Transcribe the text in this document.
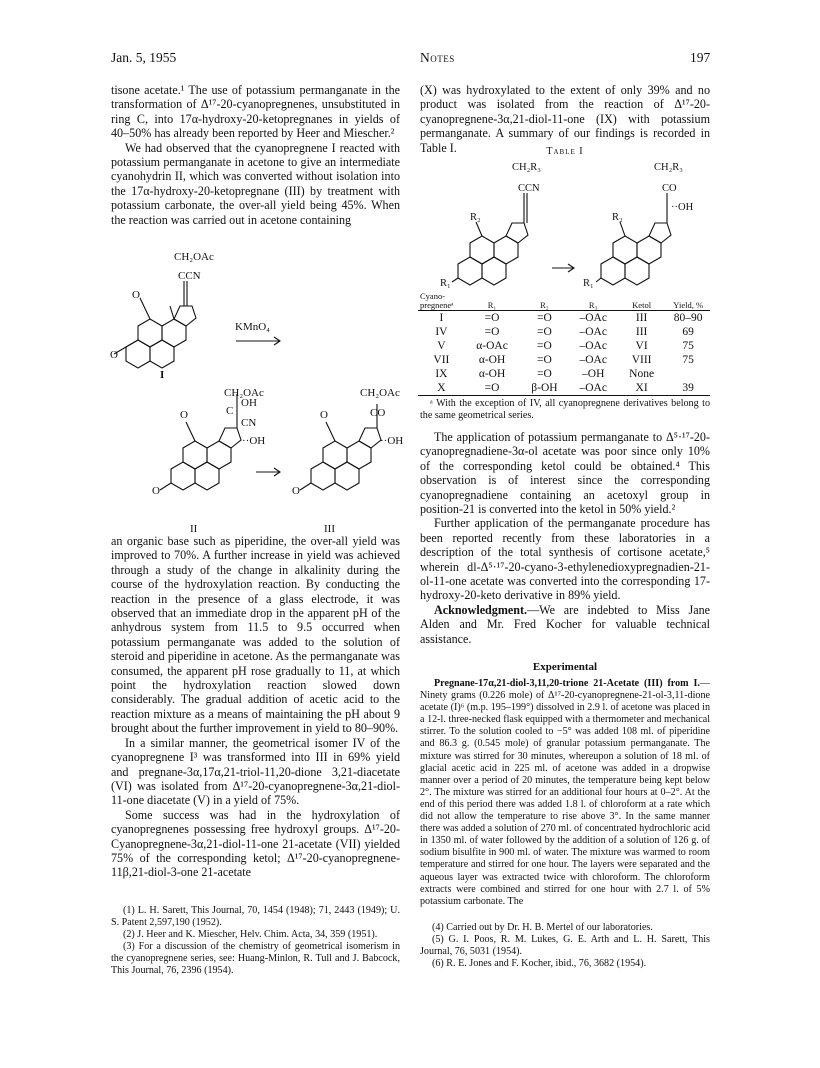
Jan. 5, 1955	Notes	197

tisone acetate.¹ The use of potassium permanganate in the transformation of Δ¹⁷-20-cyanopregnenes, unsubstituted in ring C, into 17α-hydroxy-20-ketopregnanes in yields of 40–50% has already been reported by Heer and Miescher.²

We had observed that the cyanopregnene I reacted with potassium permanganate in acetone to give an intermediate cyanohydrin II, which was converted without isolation into the 17α-hydroxy-20-ketopregnane (III) by treatment with potassium carbonate, the over-all yield being 45%. When the reaction was carried out in acetone containing

CH₂OAc
CCN
O
O
KMnO₄
I
CH₂OAc
OH
C
CN
··OH
O
O
II
CH₂OAc
CO
··OH
O
O
III

an organic base such as piperidine, the over-all yield was improved to 70%. A further increase in yield was achieved through a study of the change in alkalinity during the course of the hydroxylation reaction. By conducting the reaction in the presence of a glass electrode, it was observed that an immediate drop in the apparent pH of the anhydrous system from 11.5 to 9.5 occurred when potassium permanganate was added to the solution of steroid and piperidine in acetone. As the permanganate was consumed, the apparent pH rose gradually to 11, at which point the hydroxylation reaction slowed down considerably. The gradual addition of acetic acid to the reaction mixture as a means of maintaining the pH about 9 brought about the further improvement in yield to 80–90%.

In a similar manner, the geometrical isomer IV of the cyanopregnene I³ was transformed into III in 69% yield and pregnane-3α,17α,21-triol-11,20-dione 3,21-diacetate (VI) was isolated from Δ¹⁷-20-cyanopregnene-3α,21-diol-11-one diacetate (V) in a yield of 75%.

Some success was had in the hydroxylation of cyanopregnenes possessing free hydroxyl groups. Δ¹⁷-20-Cyanopregnene-3α,21-diol-11-one 21-acetate (VII) yielded 75% of the corresponding ketol; Δ¹⁷-20-cyanopregnene-11β,21-diol-3-one 21-acetate

(1) L. H. Sarett, This Journal, 70, 1454 (1948); 71, 2443 (1949); U. S. Patent 2,597,190 (1952).

(2) J. Heer and K. Miescher, Helv. Chim. Acta, 34, 359 (1951).

(3) For a discussion of the chemistry of geometrical isomerism in the cyanopregnene series, see: Huang-Minlon, R. Tull and J. Babcock, This Journal, 76, 2396 (1954).

(X) was hydroxylated to the extent of only 39% and no product was isolated from the reaction of Δ¹⁷-20-cyanopregnene-3α,21-diol-11-one (IX) with potassium permanganate. A summary of our findings is recorded in Table I.	Table I
CH₂R₃
CCN
CH₂R₃
CO
··OH
R₂	R₂
R₁	R₁
Cyano-pregneneᵃ	R₁	R₂	R₃	Ketol	Yield, %
I	=O	=O	–OAc	III	80–90
IV	=O	=O	–OAc	III	69
V	α-OAc	=O	–OAc	VI	75
VII	α-OH	=O	–OAc	VIII	75
IX	α-OH	=O	–OH	None	
X	=O	β-OH	–OAc	XI	39
ᵃ With the exception of IV, all cyanopregnene derivatives belong to the same geometrical series.

The application of potassium permanganate to Δ⁵·¹⁷-20-cyanopregnadiene-3α-ol acetate was poor since only 10% of the corresponding ketol could be obtained.⁴ This observation is of interest since the corresponding cyanopregnadiene containing an acetoxyl group in position-21 is converted into the ketol in 50% yield.²

Further application of the permanganate procedure has been reported recently from these laboratories in a description of the total synthesis of cortisone acetate,⁵ wherein dl-Δ⁵·¹⁷-20-cyano-3-ethylenedioxypregnadien-21-ol-11-one acetate was converted into the corresponding 17-hydroxy-20-keto derivative in 89% yield.

Acknowledgment.—We are indebted to Miss Jane Alden and Mr. Fred Kocher for valuable technical assistance.

Experimental

Pregnane-17α,21-diol-3,11,20-trione 21-Acetate (III) from I.—Ninety grams (0.226 mole) of Δ¹⁷-20-cyanopregnene-21-ol-3,11-dione acetate (I)⁶ (m.p. 195–199°) dissolved in 2.9 l. of acetone was placed in a 12-l. three-necked flask equipped with a thermometer and mechanical stirrer. To the solution cooled to −5° was added 108 ml. of piperidine and 86.3 g. (0.545 mole) of granular potassium permanganate. The mixture was stirred for 30 minutes, whereupon a solution of 18 ml. of glacial acetic acid in 225 ml. of acetone was added in a dropwise manner over a period of 20 minutes, the temperature being kept below 2°. The mixture was stirred for an additional four hours at 0–2°. At the end of this period there was added 1.8 l. of chloroform at a rate which did not allow the temperature to rise above 3°. In the same manner there was added a solution of 270 ml. of concentrated hydrochloric acid in 1350 ml. of water followed by the addition of a solution of 126 g. of sodium bisulfite in 900 ml. of water. The mixture was warmed to room temperature and stirred for one hour. The layers were separated and the aqueous layer was extracted twice with chloroform. The chloroform extracts were combined and stirred for one hour with 2.7 l. of 5% potassium carbonate. The

(4) Carried out by Dr. H. B. Mertel of our laboratories.

(5) G. I. Poos, R. M. Lukes, G. E. Arth and L. H. Sarett, This Journal, 76, 5031 (1954).

(6) R. E. Jones and F. Kocher, ibid., 76, 3682 (1954).
